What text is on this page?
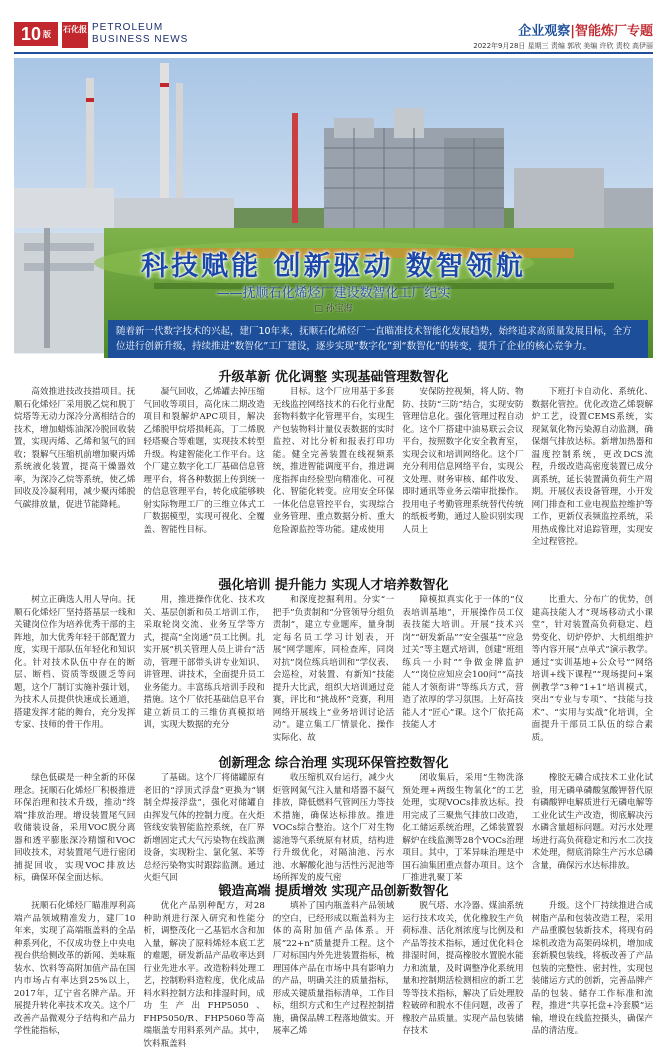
10 版 石化报 PETROLEUM
BUSINESS NEWS
企业观察|智能炼厂专题
2022年9月28日 星期三 责编 郭欣 美编 许欣 责校 高伊丽
科技赋能 创新驱动 数智领航
——抚顺石化烯烃厂建设数智化工厂纪实
□ 孙宝海
随着新一代数字技术的兴起，建厂10年来，抚顺石化烯烃厂一直瞄准技术智能化发展趋势，始终追求高质量发展目标，全方位进行创新升级，持续推进“数智化”工厂建设，逐步实现“数字化”到“数智化”的转变，提升了企业的核心竞争力。
升级革新 优化调整 实现基础管理数智化

高效推进技改技措项目。抚顺石化烯烃厂采用脱乙烷和脱丁烷塔等无动力深冷分离相结合的技术，增加蜡炼油深冷脱回收装置，实现丙烯、乙烯和氢气的回收；裂解气压缩机前增加聚丙烯系统液化装置，提高干燥器效率，为深冷乙烷等系统，使乙烯回收及冷凝利用，减少聚丙烯脱气碳排放量，促进节能降耗。

凝气回收，乙烯罐去掉压缩气回收等项目，高化床二期改造项目和裂解炉APC项目，解决乙烯脱甲烷塔损耗高，丁二烯脱轻塔聚合等难题，实现技术转型升级。构建智能化工作平台。这个厂建立数字化工厂基础信息管理平台，将各种数据上传到统一的信息管理平台，转化成能够映射实际物理工厂的三维立体式工厂数据模型，实现可视化、全覆盖、智能性目标。

目标。这个厂应用基于多套无线监控网络技术的石化行业配套物料数字化管理平台，实现生产包装物料计量仪表数据的实时监控、对比分析和报表打印功能。健全完善装置在线视频系统，推进智能调度平台，推进调度指挥由经验型向精准化、可视化、智能化转变。应用安全环保一体化信息管控平台，实现综合业务管理、重点数据分析、重大危险源监控等功能。建成使用

安保防控视频，将人防、物防、技防“三防”结合，实现安防管理信息化。强化管理过程自动化。这个厂搭建中油易联云会议平台，按照数字化安全教育室，实现会议和培训网络化。这个厂充分利用信息网络平台，实现公文处理、财务审核、邮件收发、即时通讯等业务云端审批操作。投用电子考勤管理系统替代传统的纸板考勤，通过人脸识别实现人员上

下班打卡自动化、系统化、数据化管控。优化改造乙烯裂解炉工艺，设置CEMS系统，实现氮氧化物污染源自动监测，确保烟气排放达标。新增加热器和温度控制系统，更改DCS流程，升级改造高密度装置已成分离系统，延长装置满负荷生产周期。开展仪表设备管理，小开发网门排查和工业电视监控维护等工作，更新仪表频监控系统，采用热成像比对追踪管理，实现安全过程管控。

强化培训 提升能力 实现人才培养数智化

树立正确选人用人导向。抚顺石化烯烃厂坚持搭基层一线和关键岗位作为培养优秀干部的主阵地，加大优秀年轻干部配置力度，实现干部队伍年轻化和知识化。针对技术队伍中存在的断层、断档、资质等级匮乏等问题，这个厂制订实施补强计划，为技术人员提供快速成长通道，搭建发挥才能的舞台，充分发挥专家、技师的骨干作用。

用，推进操作优化、技术攻关、基层创新和员工培训工作，采取轮岗交流、业务互学等方式，提高“全岗通”员工比例。扎实开展“机关管理人员上讲台”活动，管理干部带头讲专业知识、讲管理、讲技术，全面提升员工业务能力。丰富练兵培训手段和措施。这个厂依托基础信息平台建立新员工的三维仿真模拟培训，实现大数据的充分

和深度挖掘利用。分实“一把手”负责制和“分管领导分组负责制”，建立专业题库，量身制定每名员工学习计划表，开展“网学题库，同检查库，同岗对抗”岗位练兵培训和“学仪表、会巡检，对装置、有新知”技能提升大比武，组织大培训通过竞赛，评比和“挑战杯”竞赛，利用网络开展线上“业务培训讨论活动”。建立集工厂情景化、操作实际化、故

障模拟真实化于一体的“仪表培训基地”，开展操作员工仪表技能大培训。开展“技术兴岗”“研发新品”“安全强基”“应急过关”等主题式培训，创建“班组练兵一小时”“争做金牌监护人”“岗位应知应会100问”“高技能人才领衔讲”等练兵方式，营造了浓厚的学习氛围。上好高技能人才“匠心”课。这个厂依托高技能人才

比重大、分布广的优势，创建高技能人才“现场移动式小课堂”，针对装置高负荷稳定、趋势变化、切炉停炉、大机组维护等内容开展“点单式”演示教学。通过“实训基地+公众号”“网络培训+线下课程”“现场提问+案例教学”3种“1+1”培训模式，突出“专业与专项”、“技能与技术”、“实用与实战”化培训，全面提升干部员工队伍的综合素质。

创新理念 综合治理 实现环保管控数智化

绿色低碳是一种全新的环保理念。抚顺石化烯烃厂积极推进环保治理和技术升级，推动“终端”排放治理。增设装置尾气回收储装设备，采用VOC脱分离器和透平膨胀深冷精馏和VOC回收技术，对装置尾气进行密闭捕捉回收，实现VOC排放达标，确保环保全面达标。

了基础。这个厂将储罐原有老旧的“浮顶式浮盘”更换为“钢制全焊接浮盘”，强化对储罐自由挥发气体的控制力度。在火炬管线安装智能监控系统，在厂界新增固定式大气污染物在线监测设备，实现粉尘、氯化氢、苯等总烃污染物实时跟踪监测。通过火炬气回

收压缩机双台运行，减少火炬管网氮气注入量和塔器不凝气排放，降低燃料气管网压力等技术措施，确保达标排放。推进VOCs综合整治。这个厂对生物滤池等气系统原有材质，结构进行升级优化，对隔油池、污水池、水解酸化池与活性污泥池等场所挥发的废气密

闭收集后，采用“生物洗涤预处理+两级生物氧化”的工艺处理，实现VOCs排放达标。投用完成了三聚焦气排放口改造，化工储运系统治理，乙烯装置裂解炉在线监测等28个VOCs治理项目。其中，丁苯异味治理是中国石油集团重点督办项目。这个厂推进乳聚丁苯

橡胶无磷合成技术工业化试验，用无磷单磷酸氢酸钾替代原有磷酸钾电解质进行无磷电解等工业化试生产改造，彻底解决污水磷含量超标问题。对污水处理场进行高负荷稳定和污水二次技术处理，彻底消除生产污水总磷含量，确保污水达标排放。

锻造高端 提质增效 实现产品创新数智化

抚顺石化烯烃厂瞄准厚利高端产品领域精准发力，建厂10年来，实现了高端瓶盖料的全品种系列化，不仅成功登上中央电视台供给侧改革的新闻、美味瓶装水、饮料等高附加值产品在国内市场占有率达到25%以上，2017年，辽宁省名牌产品。开展提升转化率技术攻关。这个厂改善产品微观分子结构和产品力学性能指标，

优化产品别种配方，对28种助剂进行深入研究和性能分析，调整茂化一乙基铝水含和加入量，解决了原料烯烃本底工艺的难题，研发新品产品收率达到行业先进水平。改造粉料处理工艺，控制粉料造粒度，优化成品料水料控制方法和排湿时间，成功生产出FHP5050、FHP5050/R、FHP5060等高端瓶盖专用料系列产品。其中，饮料瓶盖料

填补了国内瓶盖料产品领域的空白，已经形成以瓶盖料为主体的高附加值产品体系。开展“22+n”质量提升工程。这个厂对标国内外先进装置指标，梳理国体产品在市场中具有影响力的产品，明确关注的质量指标，形成关键质量指标清单，工作目标，组织方式和生产过程控制措施，确保品牌工程落地做实。开展率乙烯

脱气塔、水冷器、煤油系统运行技术攻关，优化橡胶生产负荷标准、活化剂浓度与比例及和产品等技术指标，通过优化料仓排湿时间，提高橡胶水置脱水能力和流量，及时调整净化系统用量和控制期活检测相应的新工艺等等技术指标，解决了后处理胶粒破碎和脱水不佳问题，改善了橡胶产品质量。实现产品包装储存技术

升级。这个厂持续推进合成树脂产品和包装改造工程，采用产品重膜包装新技术，将现有码垛机改造为高架码垛机，增加成套新膜包装线，将板改善了产品包装的完整性、密封性，实现包装储运方式的创新，完善品牌产品的包装、储存工作标准和流程，推进“共享托盘+冷套膜”运输，增设在线监控摄头，确保产品的清洁度。
